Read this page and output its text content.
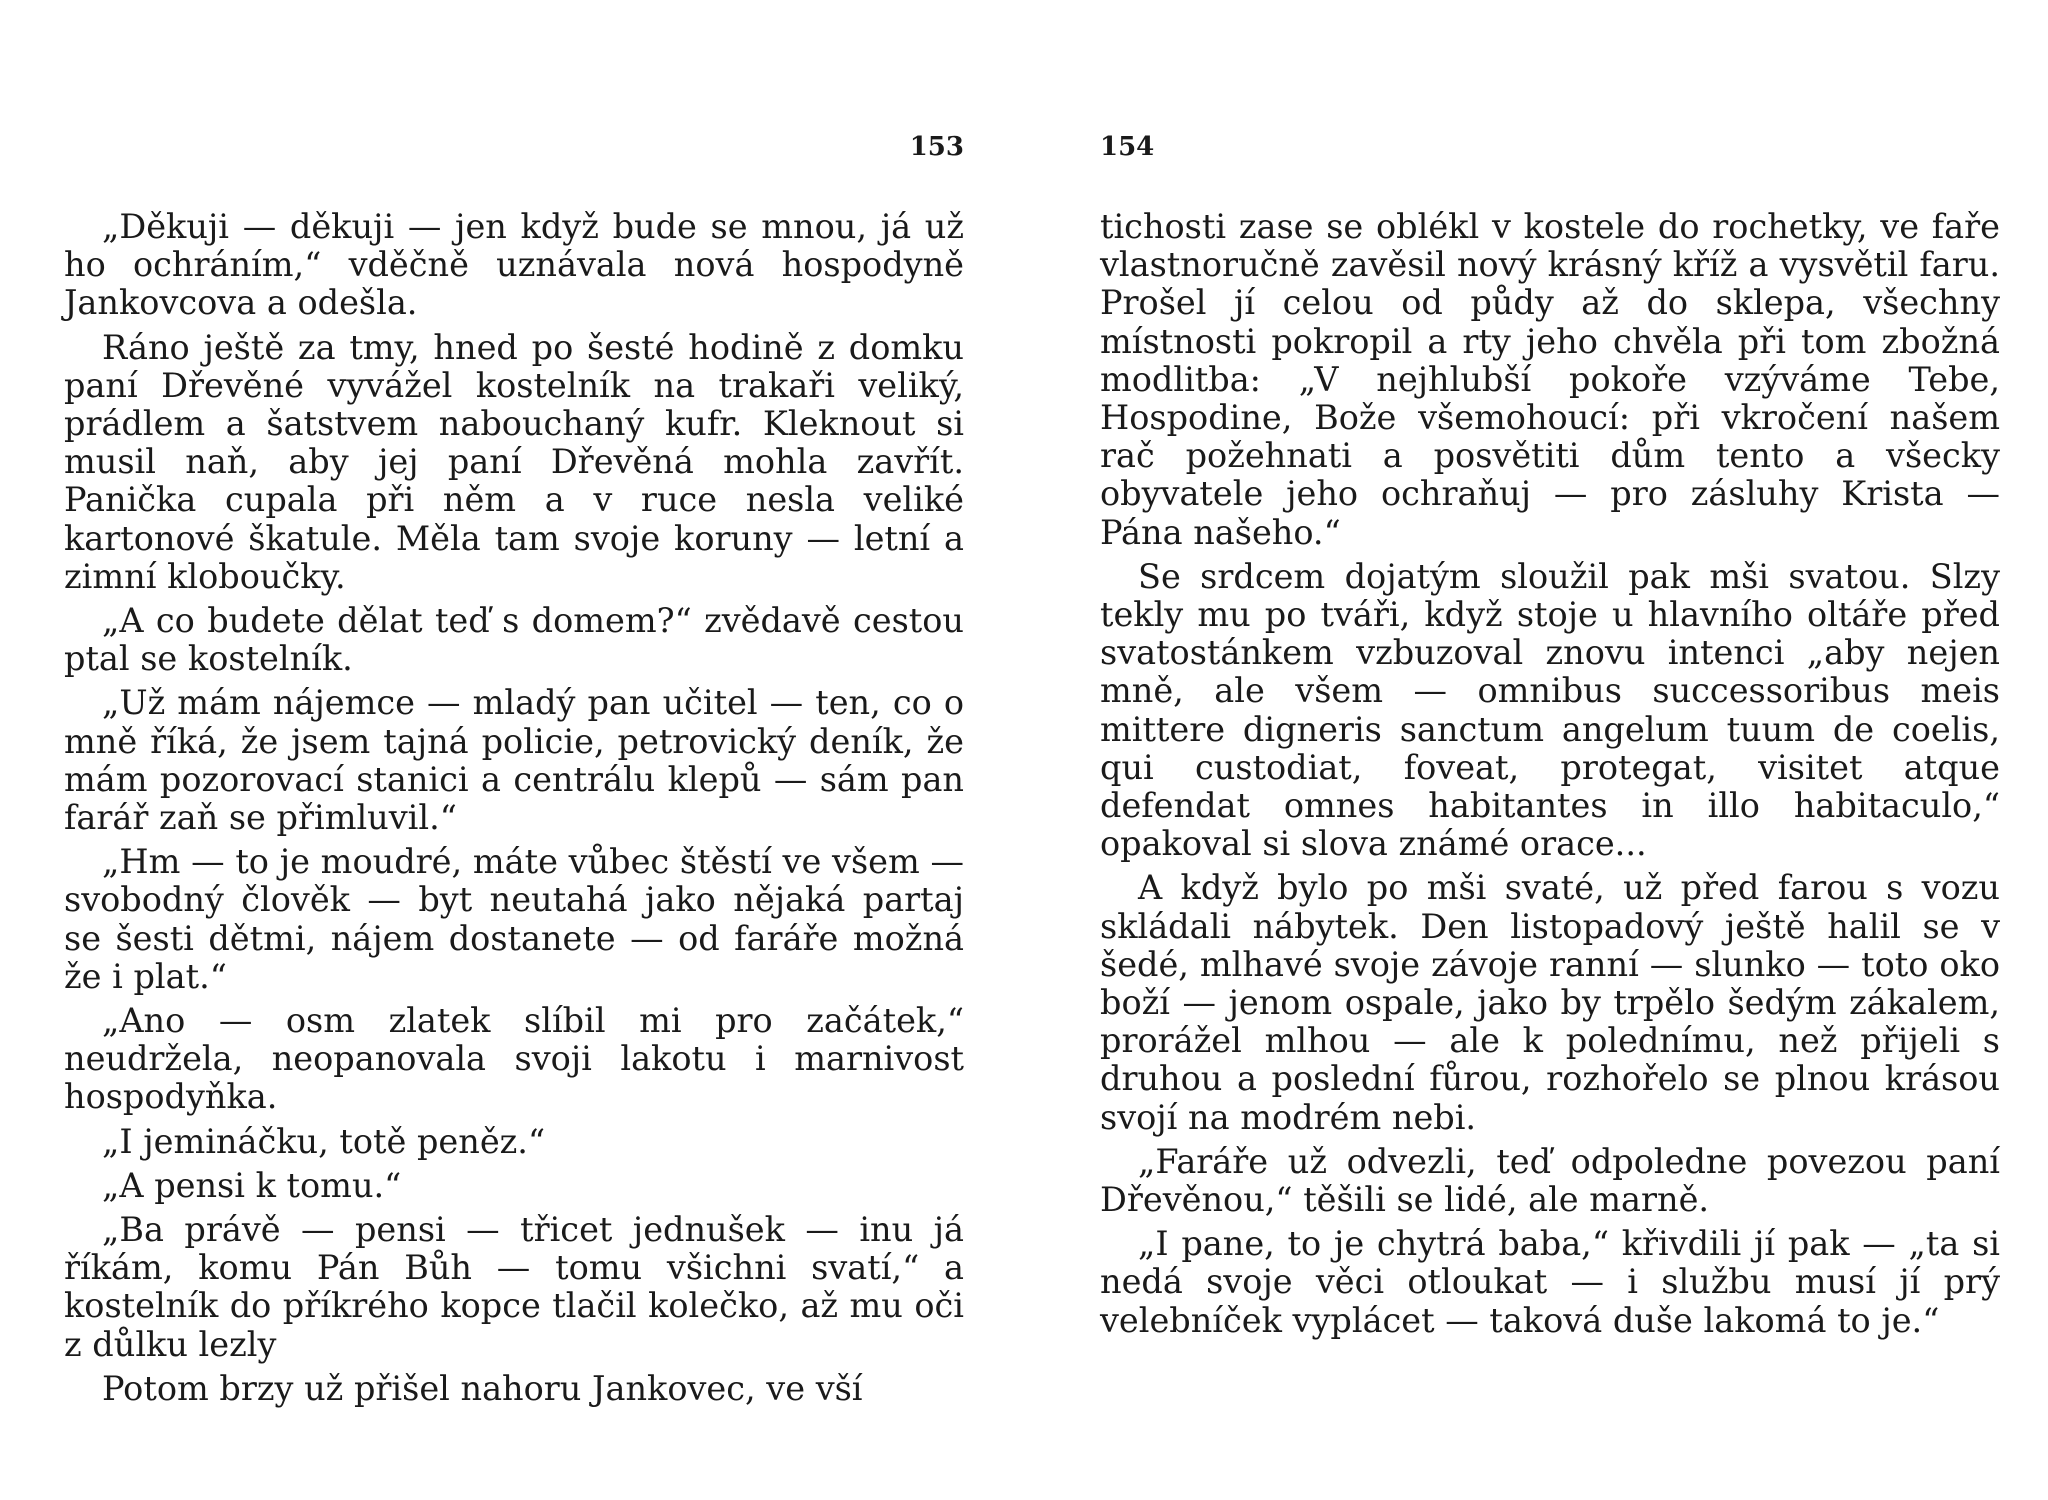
153

„Děkuji — děkuji — jen když bude se mnou, já už ho ochráním,“ vděčně uznávala nová hospodyně Jankovcova a odešla.

Ráno ještě za tmy, hned po šesté hodině z domku paní Dřevěné vyvážel kostelník na trakaři veliký, prádlem a šatstvem nabouchaný kufr. Kleknout si musil naň, aby jej paní Dřevěná mohla zavřít. Panička cupala při něm a v ruce nesla veliké kartonové škatule. Měla tam svoje koruny — letní a zimní kloboučky.

„A co budete dělat teď s domem?“ zvědavě cestou ptal se kostelník.

„Už mám nájemce — mladý pan učitel — ten, co o mně říká, že jsem tajná policie, petrovický deník, že mám pozorovací stanici a centrálu klepů — sám pan farář zaň se přimluvil.“

„Hm — to je moudré, máte vůbec štěstí ve všem — svobodný člověk — byt neutahá jako nějaká partaj se šesti dětmi, nájem dostanete — od faráře možná že i plat.“

„Ano — osm zlatek slíbil mi pro začátek,“ neudržela, neopanovala svoji lakotu i marnivost hospodyňka.

„I jemináčku, totě peněz.“

„A pensi k tomu.“

„Ba právě — pensi — třicet jednušek — inu já říkám, komu Pán Bůh — tomu všichni svatí,“ a kostelník do příkrého kopce tlačil kolečko, až mu oči z důlku lezly

Potom brzy už přišel nahoru Jankovec, ve vší

154

tichosti zase se oblékl v kostele do rochetky, ve faře vlastnoručně zavěsil nový krásný kříž a vysvětil faru. Prošel jí celou od půdy až do sklepa, všechny místnosti pokropil a rty jeho chvěla při tom zbožná modlitba: „V nejhlubší pokoře vzýváme Tebe, Hospodine, Bože všemohoucí: při vkročení našem rač požehnati a posvětiti dům tento a všecky obyvatele jeho ochraňuj — pro zásluhy Krista — Pána našeho.“

Se srdcem dojatým sloužil pak mši svatou. Slzy tekly mu po tváři, když stoje u hlavního oltáře před svatostánkem vzbuzoval znovu intenci „aby nejen mně, ale všem — omnibus successoribus meis mittere digneris sanctum angelum tuum de coelis, qui custodiat, foveat, protegat, visitet atque defendat omnes habitantes in illo habitaculo,“ opakoval si slova známé orace...

A když bylo po mši svaté, už před farou s vozu skládali nábytek. Den listopadový ještě halil se v šedé, mlhavé svoje závoje ranní — slunko — toto oko boží — jenom ospale, jako by trpělo šedým zákalem, prorážel mlhou — ale k polednímu, než přijeli s druhou a poslední fůrou, rozhořelo se plnou krásou svojí na modrém nebi.

„Faráře už odvezli, teď odpoledne povezou paní Dřevěnou,“ těšili se lidé, ale marně.

„I pane, to je chytrá baba,“ křivdili jí pak — „ta si nedá svoje věci otloukat — i službu musí jí prý velebníček vyplácet — taková duše lakomá to je.“
